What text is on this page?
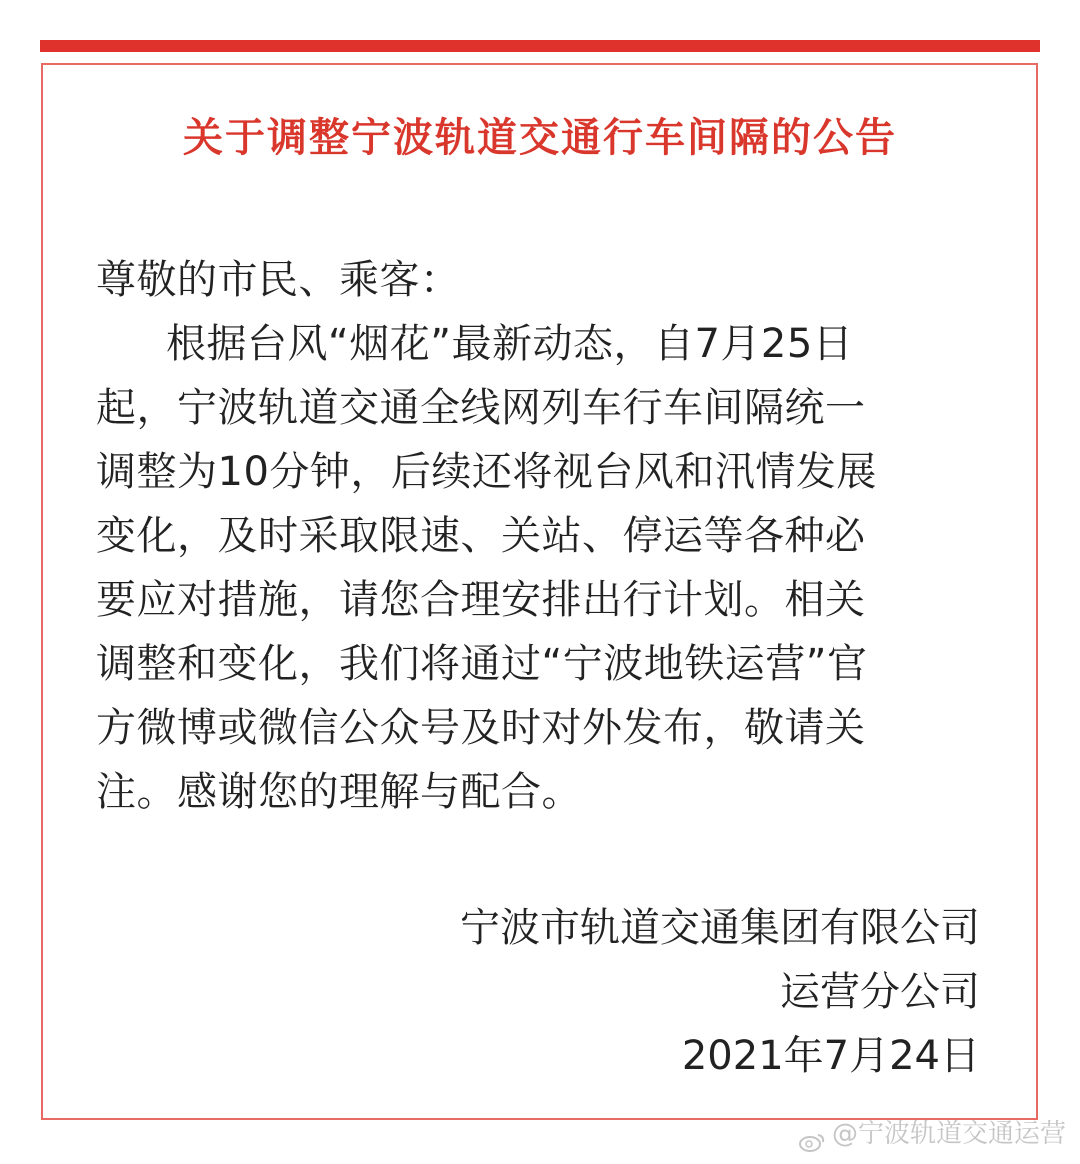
关于调整宁波轨道交通行车间隔的公告
尊敬的市民、乘客：
根据台风“烟花”最新动态，自7月25日
起，宁波轨道交通全线网列车行车间隔统一
调整为10分钟，后续还将视台风和汛情发展
变化，及时采取限速、关站、停运等各种必
要应对措施，请您合理安排出行计划。相关
调整和变化，我们将通过“宁波地铁运营”官
方微博或微信公众号及时对外发布，敬请关
注。感谢您的理解与配合。
宁波市轨道交通集团有限公司
运营分公司
2021年7月24日
@宁波轨道交通运营
